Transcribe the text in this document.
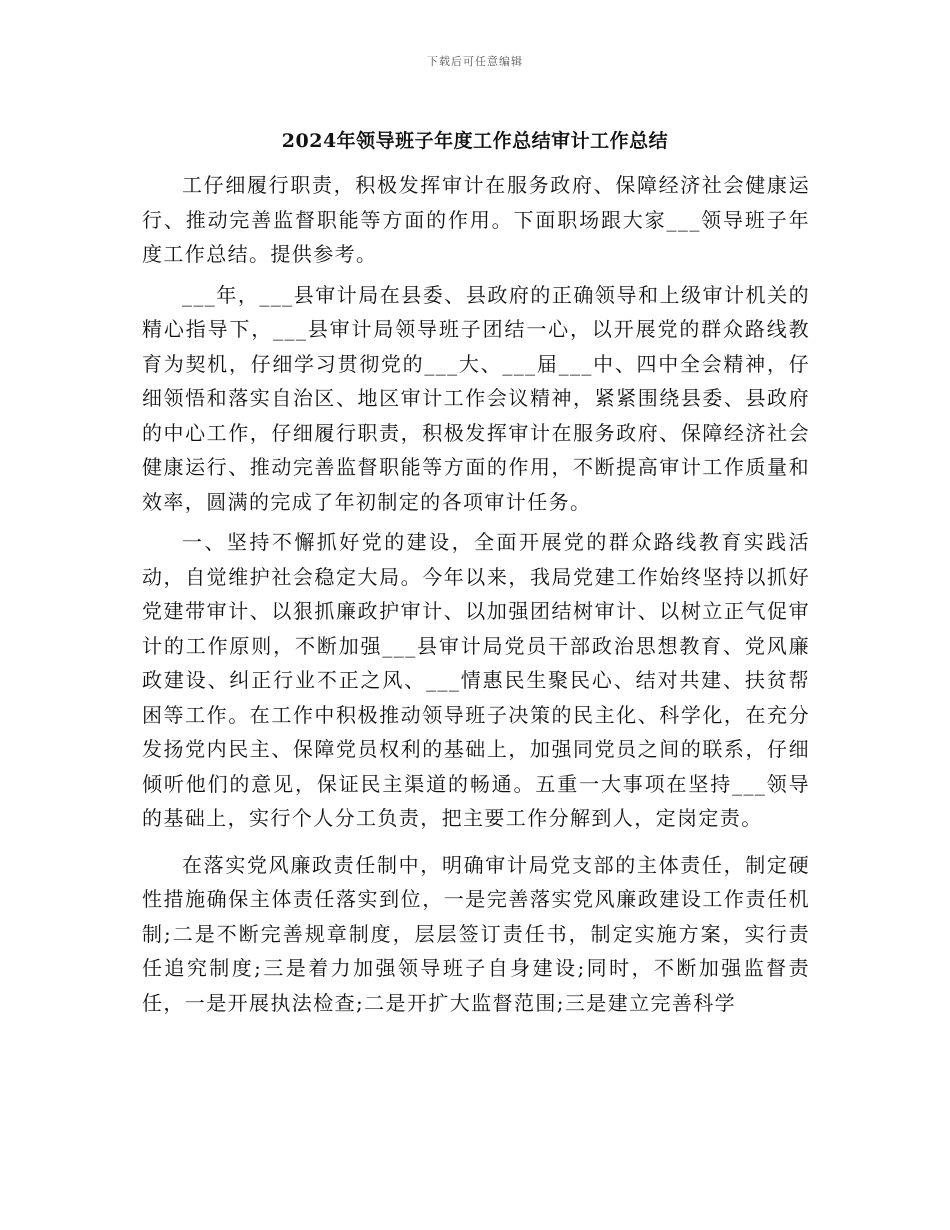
下载后可任意编辑
2024年领导班子年度工作总结审计工作总结

工仔细履行职责，积极发挥审计在服务政府、保障经济社会健康运行、推动完善监督职能等方面的作用。下面职场跟大家___领导班子年度工作总结。提供参考。

___年，___县审计局在县委、县政府的正确领导和上级审计机关的精心指导下，___县审计局领导班子团结一心，以开展党的群众路线教育为契机，仔细学习贯彻党的___大、___届___中、四中全会精神，仔细领悟和落实自治区、地区审计工作会议精神，紧紧围绕县委、县政府的中心工作，仔细履行职责，积极发挥审计在服务政府、保障经济社会健康运行、推动完善监督职能等方面的作用，不断提高审计工作质量和效率，圆满的完成了年初制定的各项审计任务。

一、坚持不懈抓好党的建设，全面开展党的群众路线教育实践活动，自觉维护社会稳定大局。今年以来，我局党建工作始终坚持以抓好党建带审计、以狠抓廉政护审计、以加强团结树审计、以树立正气促审计的工作原则，不断加强___县审计局党员干部政治思想教育、党风廉政建设、纠正行业不正之风、___情惠民生聚民心、结对共建、扶贫帮困等工作。在工作中积极推动领导班子决策的民主化、科学化，在充分发扬党内民主、保障党员权利的基础上，加强同党员之间的联系，仔细倾听他们的意见，保证民主渠道的畅通。五重一大事项在坚持___领导的基础上，实行个人分工负责，把主要工作分解到人，定岗定责。

在落实党风廉政责任制中，明确审计局党支部的主体责任，制定硬性措施确保主体责任落实到位，一是完善落实党风廉政建设工作责任机制;二是不断完善规章制度，层层签订责任书，制定实施方案，实行责任追究制度;三是着力加强领导班子自身建设;同时，不断加强监督责任，一是开展执法检查;二是开扩大监督范围;三是建立完善科学
